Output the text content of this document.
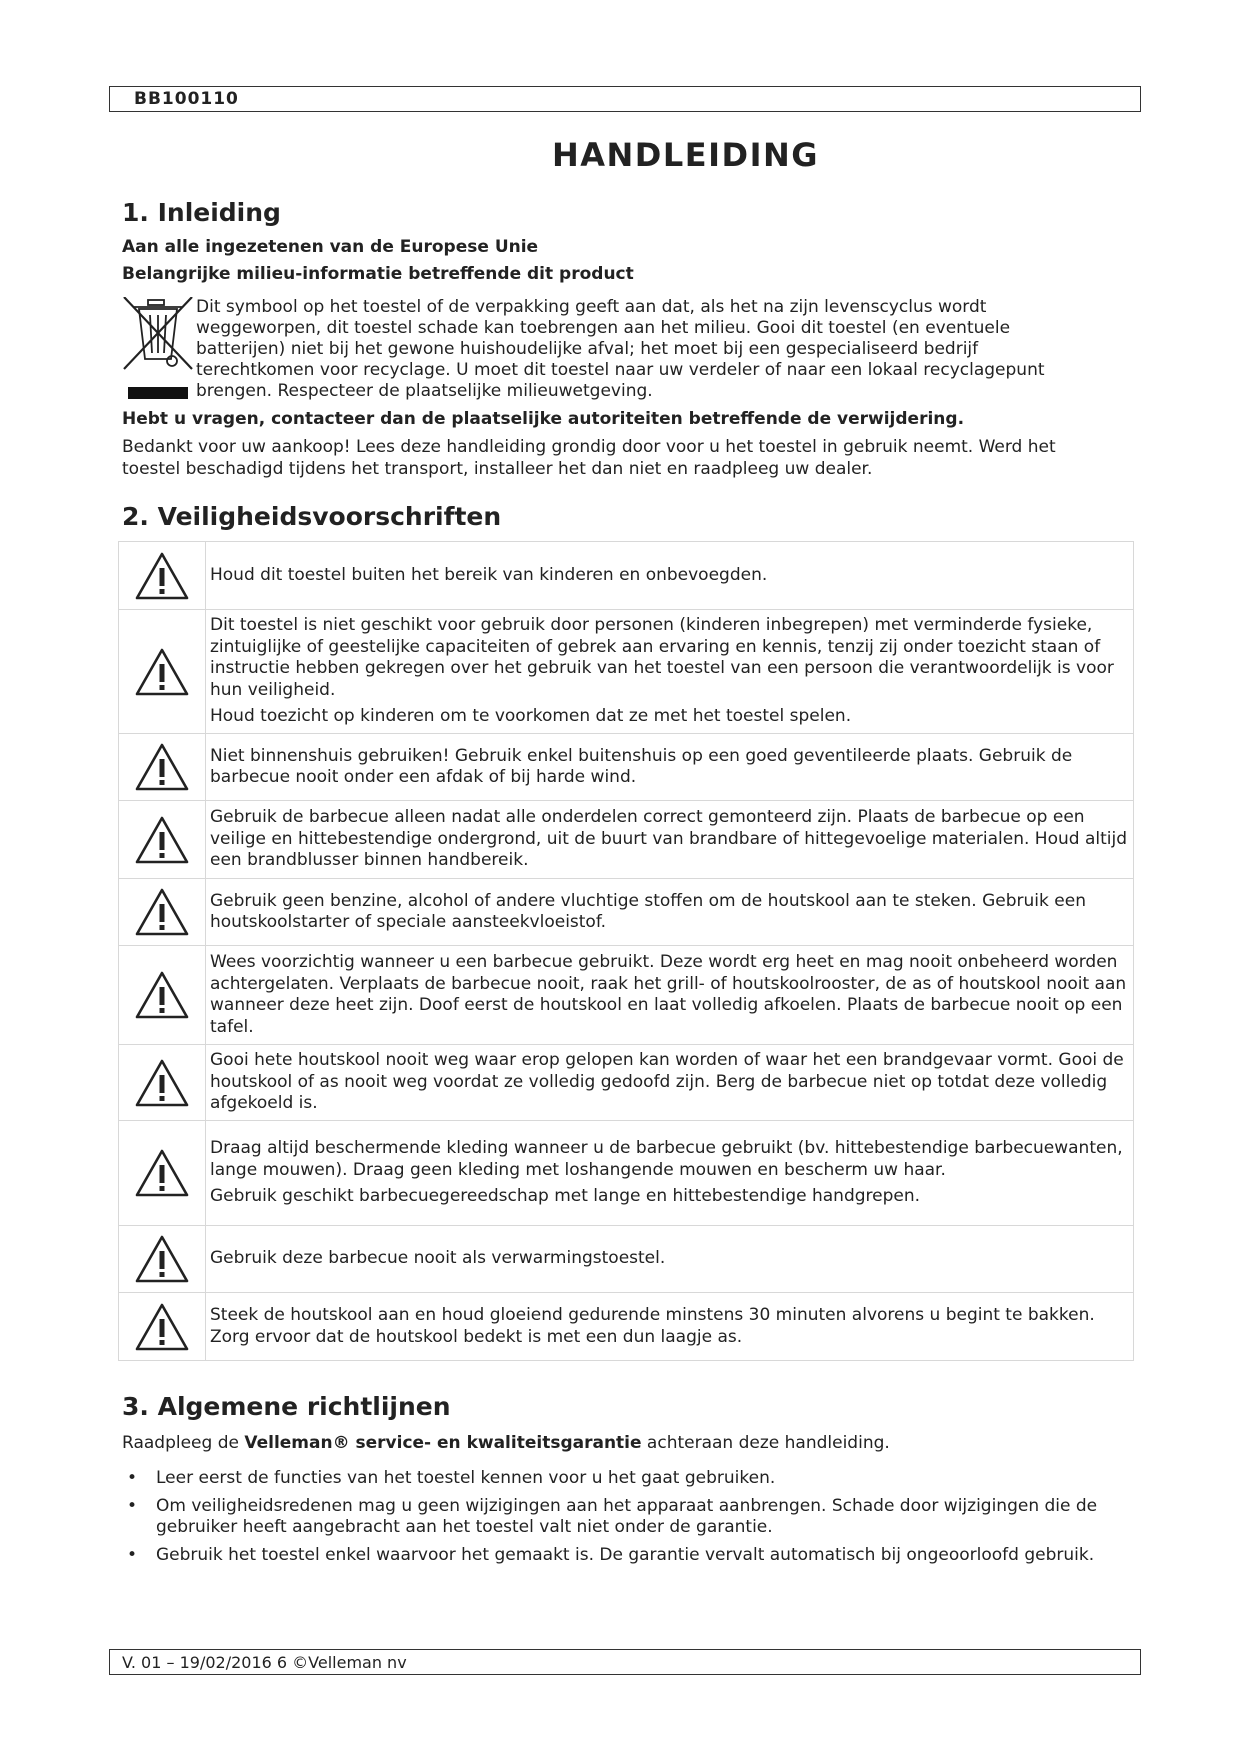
BB100110
HANDLEIDING
1. Inleiding

Aan alle ingezetenen van de Europese Unie

Belangrijke milieu-informatie betreffende dit product

Dit symbool op het toestel of de verpakking geeft aan dat, als het na zijn levenscyclus wordt
weggeworpen, dit toestel schade kan toebrengen aan het milieu. Gooi dit toestel (en eventuele
batterijen) niet bij het gewone huishoudelijke afval; het moet bij een gespecialiseerd bedrijf
terechtkomen voor recyclage. U moet dit toestel naar uw verdeler of naar een lokaal recyclagepunt
brengen. Respecteer de plaatselijke milieuwetgeving.

Hebt u vragen, contacteer dan de plaatselijke autoriteiten betreffende de verwijdering.

Bedankt voor uw aankoop! Lees deze handleiding grondig door voor u het toestel in gebruik neemt. Werd het
toestel beschadigd tijdens het transport, installeer het dan niet en raadpleeg uw dealer.

2. Veiligheidsvoorschriften

Houd dit toestel buiten het bereik van kinderen en onbevoegden.

Dit toestel is niet geschikt voor gebruik door personen (kinderen inbegrepen) met verminderde fysieke, zintuiglijke of geestelijke capaciteiten of gebrek aan ervaring en kennis, tenzij zij onder toezicht staan of instructie hebben gekregen over het gebruik van het toestel van een persoon die verantwoordelijk is voor hun veiligheid.

Houd toezicht op kinderen om te voorkomen dat ze met het toestel spelen.

Niet binnenshuis gebruiken! Gebruik enkel buitenshuis op een goed geventileerde plaats. Gebruik de barbecue nooit onder een afdak of bij harde wind.

Gebruik de barbecue alleen nadat alle onderdelen correct gemonteerd zijn. Plaats de barbecue op een veilige en hittebestendige ondergrond, uit de buurt van brandbare of hittegevoelige materialen. Houd altijd een brandblusser binnen handbereik.

Gebruik geen benzine, alcohol of andere vluchtige stoffen om de houtskool aan te steken. Gebruik een houtskoolstarter of speciale aansteekvloeistof.

Wees voorzichtig wanneer u een barbecue gebruikt. Deze wordt erg heet en mag nooit onbeheerd worden achtergelaten. Verplaats de barbecue nooit, raak het grill- of houtskoolrooster, de as of houtskool nooit aan wanneer deze heet zijn. Doof eerst de houtskool en laat volledig afkoelen. Plaats de barbecue nooit op een tafel.

Gooi hete houtskool nooit weg waar erop gelopen kan worden of waar het een brandgevaar vormt. Gooi de houtskool of as nooit weg voordat ze volledig gedoofd zijn. Berg de barbecue niet op totdat deze volledig afgekoeld is.

Draag altijd beschermende kleding wanneer u de barbecue gebruikt (bv. hittebestendige barbecuewanten, lange mouwen). Draag geen kleding met loshangende mouwen en bescherm uw haar.

Gebruik geschikt barbecuegereedschap met lange en hittebestendige handgrepen.

Gebruik deze barbecue nooit als verwarmingstoestel.

Steek de houtskool aan en houd gloeiend gedurende minstens 30 minuten alvorens u begint te bakken. Zorg ervoor dat de houtskool bedekt is met een dun laagje as.

3. Algemene richtlijnen

Raadpleeg de Velleman® service- en kwaliteitsgarantie achteraan deze handleiding.

• Leer eerst de functies van het toestel kennen voor u het gaat gebruiken.
• Om veiligheidsredenen mag u geen wijzigingen aan het apparaat aanbrengen. Schade door wijzigingen die de gebruiker heeft aangebracht aan het toestel valt niet onder de garantie.
• Gebruik het toestel enkel waarvoor het gemaakt is. De garantie vervalt automatisch bij ongeoorloofd gebruik.
V. 01 – 19/02/2016 6 ©Velleman nv
